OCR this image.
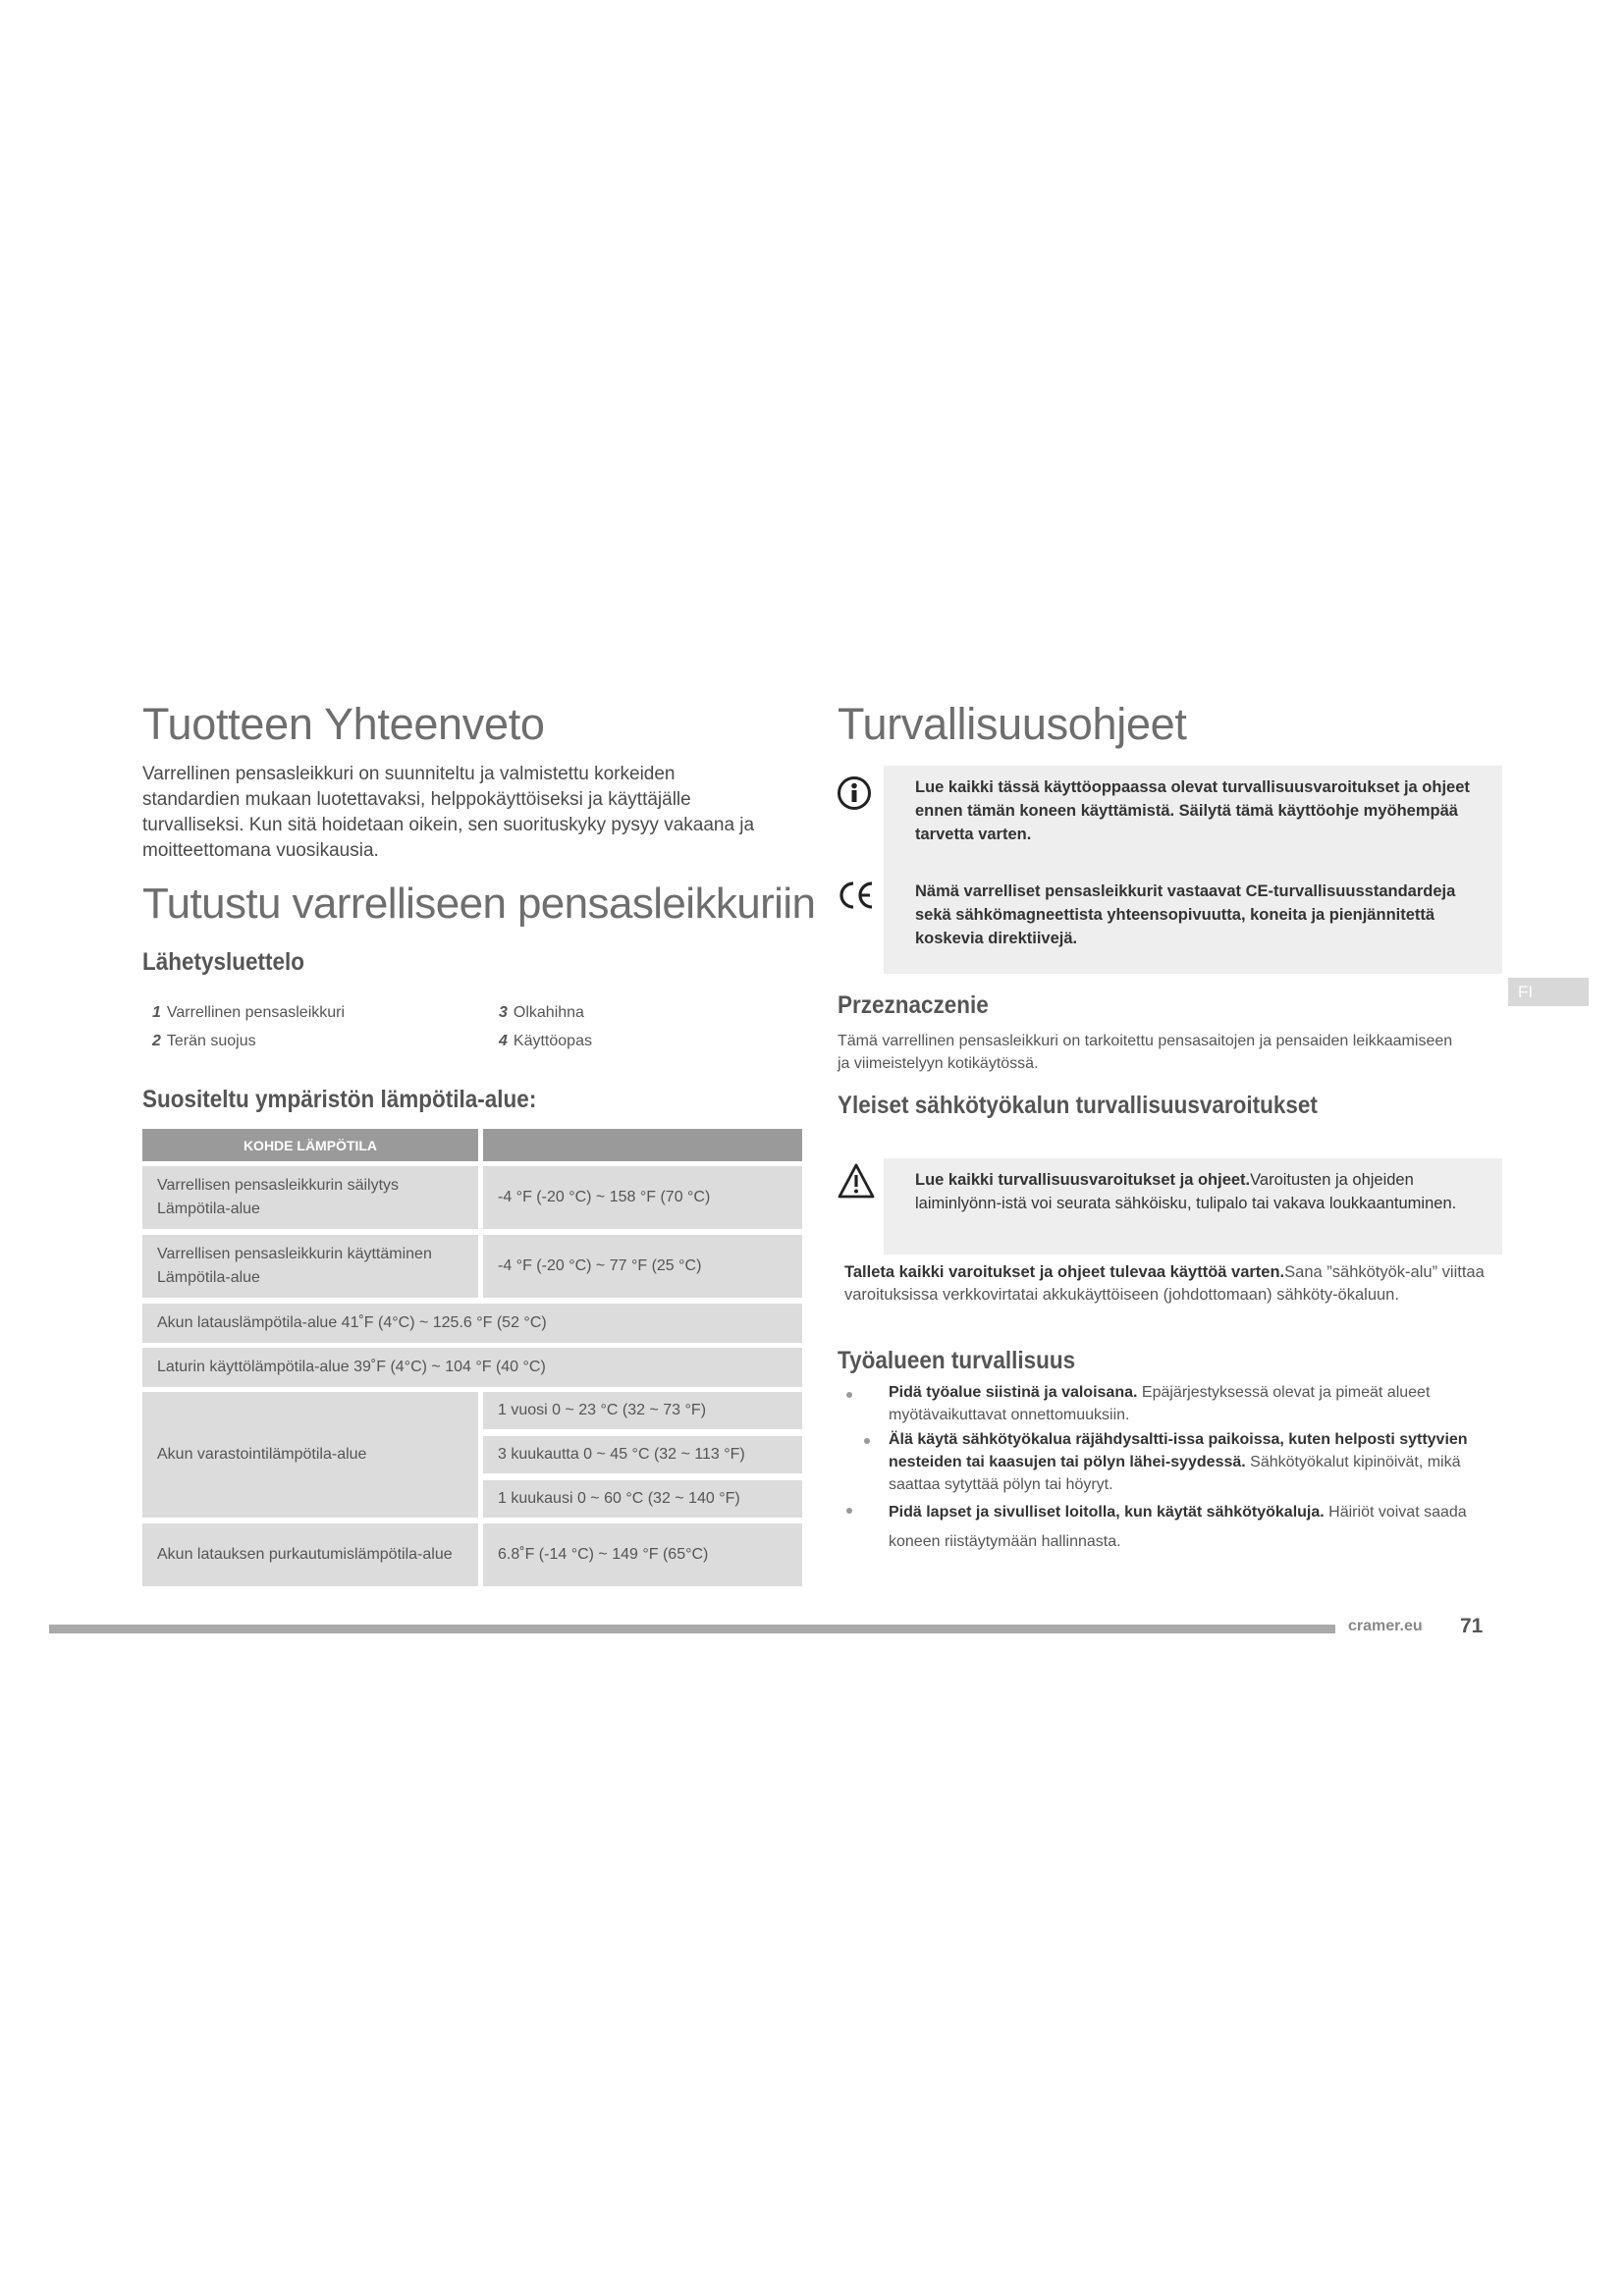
Tuotteen Yhteenveto
Varrellinen pensasleikkuri on suunniteltu ja valmistettu korkeiden standardien mukaan luotettavaksi, helppokäyttöiseksi ja käyttäjälle turvalliseksi. Kun sitä hoidetaan oikein, sen suorituskyky pysyy vakaana ja moitteettomana vuosikausia.
Tutustu varrelliseen pensasleikkuriin
Lähetysluettelo
1 Varrellinen pensasleikkuri
2 Terän suojus
3 Olkahihna
4 Käyttöopas
Suositeltu ympäristön lämpötila-alue:
KOHDE LÄMPÖTILA
Varrellisen pensasleikkurin säilytys Lämpötila-alue
-4 °F (-20 °C) ~ 158 °F (70 °C)
Varrellisen pensasleikkurin käyttäminen Lämpötila-alue
-4 °F (-20 °C) ~ 77 °F (25 °C)
Akun latauslämpötila-alue 41˚F (4°C) ~ 125.6 °F (52 °C)
Laturin käyttölämpötila-alue 39˚F (4°C) ~ 104 °F (40 °C)
Akun varastointilämpötila-alue
1 vuosi 0 ~ 23 °C (32 ~ 73 °F)
3 kuukautta 0 ~ 45 °C (32 ~ 113 °F)
1 kuukausi 0 ~ 60 °C (32 ~ 140 °F)
Akun latauksen purkautumislämpötila-alue	6.8˚F (-14 °C) ~ 149 °F (65°C)
Turvallisuusohjeet
Lue kaikki tässä käyttöoppaassa olevat turvallisuusvaroitukset ja ohjeet ennen tämän koneen käyttämistä. Säilytä tämä käyttöohje myöhempää tarvetta varten.
Nämä varrelliset pensasleikkurit vastaavat CE-turvallisuusstandardeja sekä sähkömagneettista yhteensopivuutta, koneita ja pienjännitettä koskevia direktiivejä.
Przeznaczenie
Tämä varrellinen pensasleikkuri on tarkoitettu pensasaitojen ja pensaiden leikkaamiseen ja viimeistelyyn kotikäytössä.
Yleiset sähkötyökalun turvallisuusvaroitukset
Lue kaikki turvallisuusvaroitukset ja ohjeet.Varoitusten ja ohjeiden laiminlyönn-istä voi seurata sähköisku, tulipalo tai vakava loukkaantuminen.
Talleta kaikki varoitukset ja ohjeet tulevaa käyttöä varten.Sana ”sähkötyök-alu” viittaa varoituksissa verkkovirtatai akkukäyttöiseen (johdottomaan) sähköty-ökaluun.
Työalueen turvallisuus
Pidä työalue siistinä ja valoisana. Epäjärjestyksessä olevat ja pimeät alueet myötävaikuttavat onnettomuuksiin.
Älä käytä sähkötyökalua räjähdysaltti-issa paikoissa, kuten helposti syttyvien nesteiden tai kaasujen tai pölyn lähei-syydessä. Sähkötyökalut kipinöivät, mikä saattaa sytyttää pölyn tai höyryt.
Pidä lapset ja sivulliset loitolla, kun käytät sähkötyökaluja. Häiriöt voivat saada koneen riistäytymään hallinnasta.
FI
cramer.eu 71
